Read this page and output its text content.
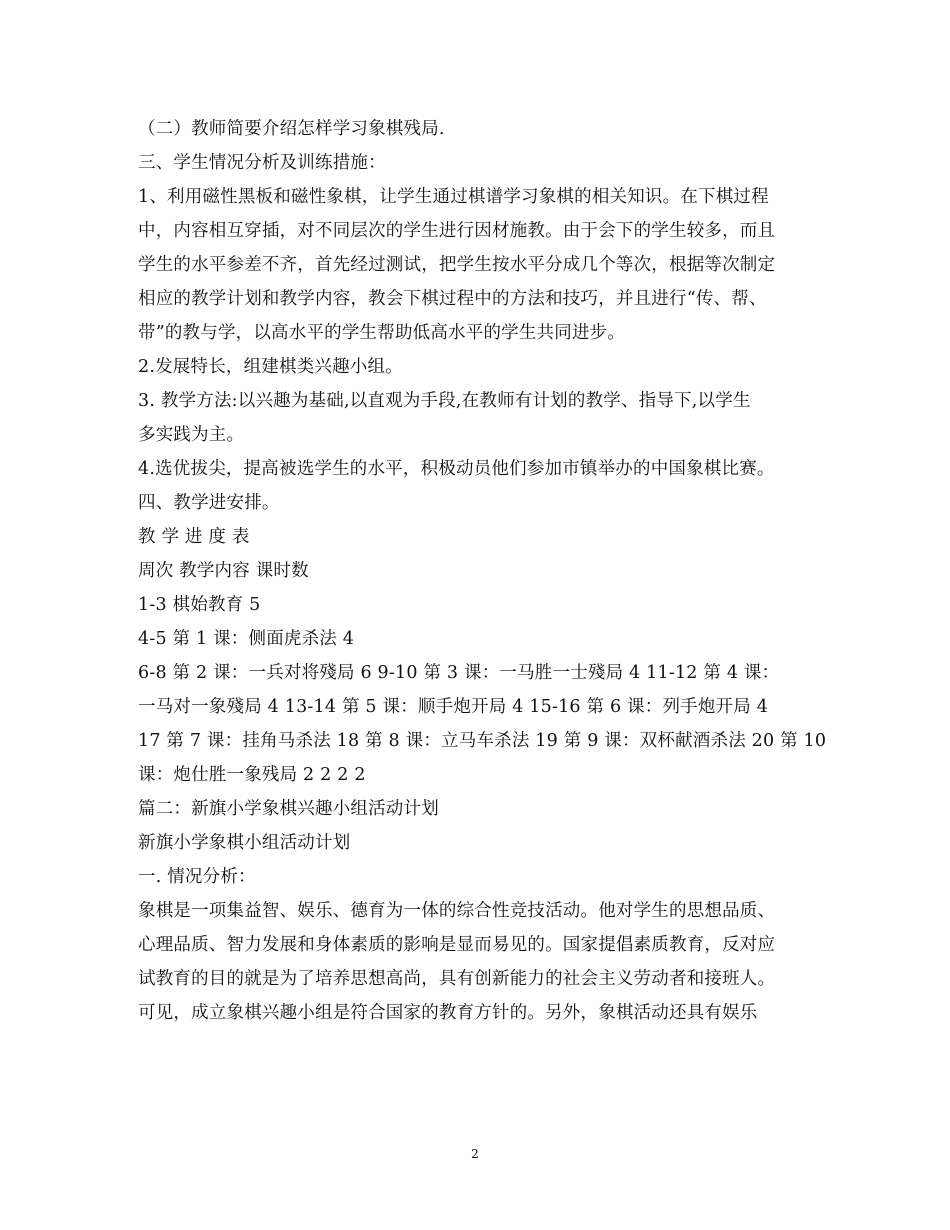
（二）教师简要介绍怎样学习象棋残局.
三、学生情况分析及训练措施：
1、利用磁性黑板和磁性象棋，让学生通过棋谱学习象棋的相关知识。在下棋过程
中，内容相互穿插，对不同层次的学生进行因材施教。由于会下的学生较多，而且
学生的水平参差不齐，首先经过测试，把学生按水平分成几个等次，根据等次制定
相应的教学计划和教学内容，教会下棋过程中的方法和技巧，并且进行“传、帮、
带”的教与学，以高水平的学生帮助低高水平的学生共同进步。
2.发展特长，组建棋类兴趣小组。
3. 教学方法:以兴趣为基础,以直观为手段,在教师有计划的教学、指导下,以学生
多实践为主。
4.选优拔尖，提高被选学生的水平，积极动员他们参加市镇举办的中国象棋比赛。
四、教学进安排。
教 学 进 度 表
周次 教学内容 课时数
1-3 棋始教育 5
4-5 第 1 课：侧面虎杀法 4
6-8 第 2 课：一兵对将殘局 6 9-10 第 3 课：一马胜一士殘局 4 11-12 第 4 课：
一马对一象殘局 4 13-14 第 5 课：顺手炮开局 4 15-16 第 6 课：列手炮开局 4
17 第 7 课：挂角马杀法 18 第 8 课：立马车杀法 19 第 9 课：双杯献酒杀法 20 第 10
课：炮仕胜一象残局 2 2 2 2
篇二：新旗小学象棋兴趣小组活动计划
新旗小学象棋小组活动计划
一. 情况分析：
象棋是一项集益智、娱乐、德育为一体的综合性竞技活动。他对学生的思想品质、
心理品质、智力发展和身体素质的影响是显而易见的。国家提倡素质教育，反对应
试教育的目的就是为了培养思想高尚，具有创新能力的社会主义劳动者和接班人。
可见，成立象棋兴趣小组是符合国家的教育方针的。另外，象棋活动还具有娱乐
2
